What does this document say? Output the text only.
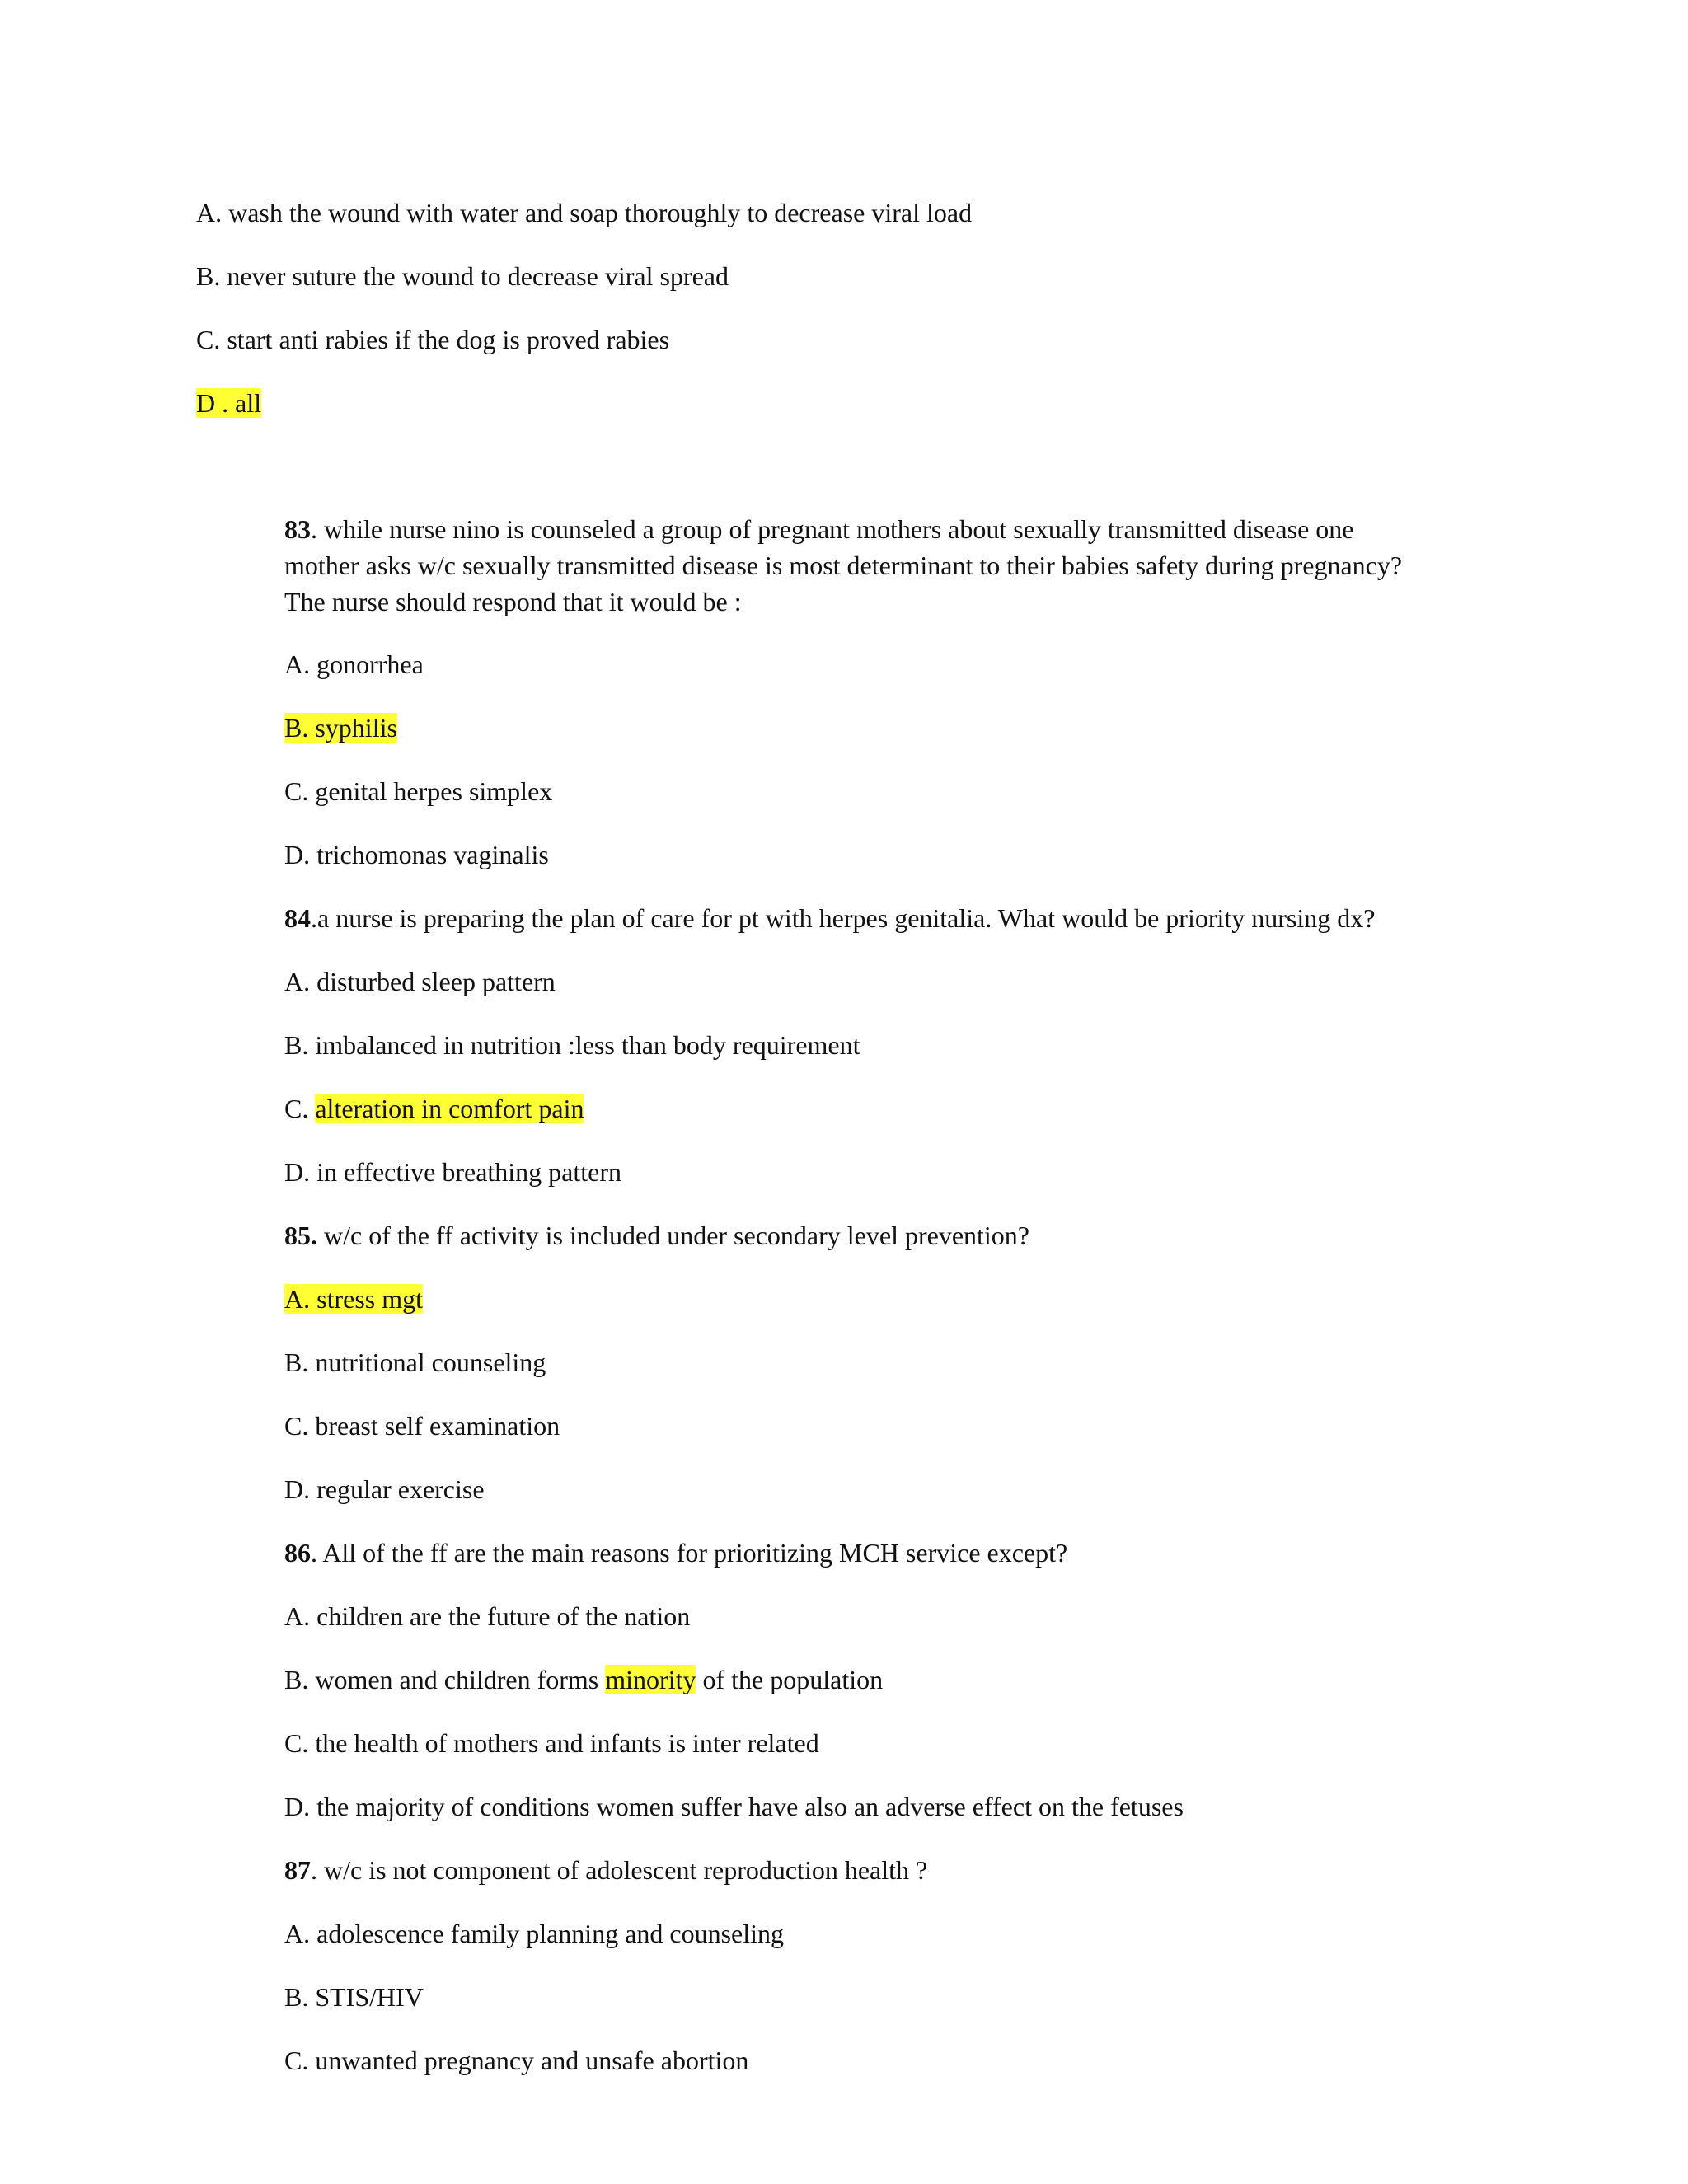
A. wash the wound with water and soap thoroughly to decrease viral load
B. never suture the wound to decrease viral spread
C. start anti rabies if the dog is proved rabies
D . all
83. while nurse nino is counseled a group of pregnant mothers about sexually transmitted disease one
mother asks w/c sexually transmitted disease is most determinant to their babies safety during pregnancy?
The nurse should respond that it would be :
A. gonorrhea
B. syphilis
C. genital herpes simplex
D. trichomonas vaginalis
84.a nurse is preparing the plan of care for pt with herpes genitalia. What would be priority nursing dx?
A. disturbed sleep pattern
B. imbalanced in nutrition :less than body requirement
C. alteration in comfort pain
D. in effective breathing pattern
85. w/c of the ff activity is included under secondary level prevention?
A. stress mgt
B. nutritional counseling
C. breast self examination
D. regular exercise
86. All of the ff are the main reasons for prioritizing MCH service except?
A. children are the future of the nation
B. women and children forms minority of the population
C. the health of mothers and infants is inter related
D. the majority of conditions women suffer have also an adverse effect on the fetuses
87. w/c is not component of adolescent reproduction health ?
A. adolescence family planning and counseling
B. STIS/HIV
C. unwanted pregnancy and unsafe abortion
